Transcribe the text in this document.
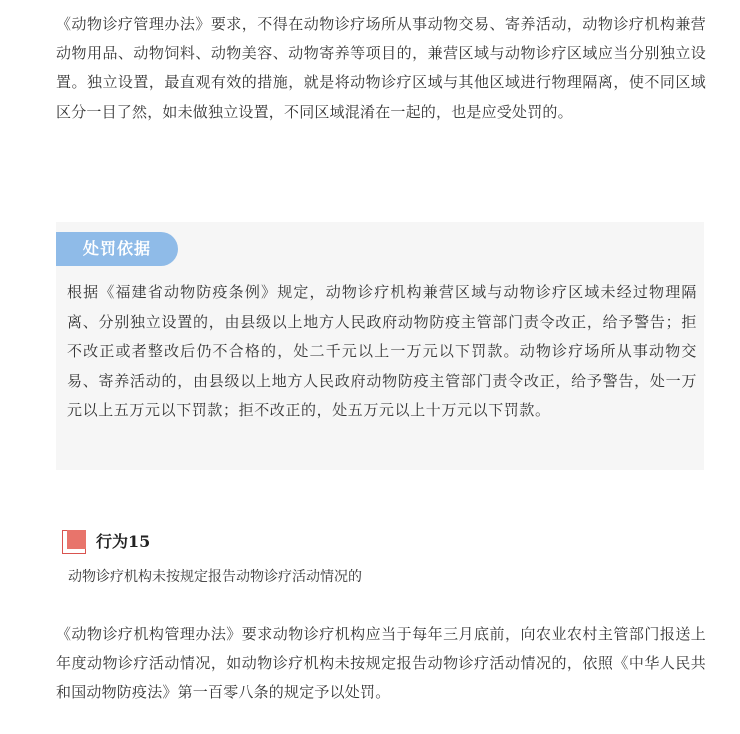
《动物诊疗管理办法》要求，不得在动物诊疗场所从事动物交易、寄养活动，动物诊疗机构兼营动物用品、动物饲料、动物美容、动物寄养等项目的，兼营区域与动物诊疗区域应当分别独立设置。独立设置，最直观有效的措施，就是将动物诊疗区域与其他区域进行物理隔离，使不同区域区分一目了然，如未做独立设置，不同区域混淆在一起的，也是应受处罚的。

处罚依据

根据《福建省动物防疫条例》规定，动物诊疗机构兼营区域与动物诊疗区域未经过物理隔离、分别独立设置的，由县级以上地方人民政府动物防疫主管部门责令改正，给予警告；拒不改正或者整改后仍不合格的，处二千元以上一万元以下罚款。动物诊疗场所从事动物交易、寄养活动的，由县级以上地方人民政府动物防疫主管部门责令改正，给予警告，处一万元以上五万元以下罚款；拒不改正的，处五万元以上十万元以下罚款。

行为15

动物诊疗机构未按规定报告动物诊疗活动情况的

《动物诊疗机构管理办法》要求动物诊疗机构应当于每年三月底前，向农业农村主管部门报送上年度动物诊疗活动情况，如动物诊疗机构未按规定报告动物诊疗活动情况的，依照《中华人民共和国动物防疫法》第一百零八条的规定予以处罚。
